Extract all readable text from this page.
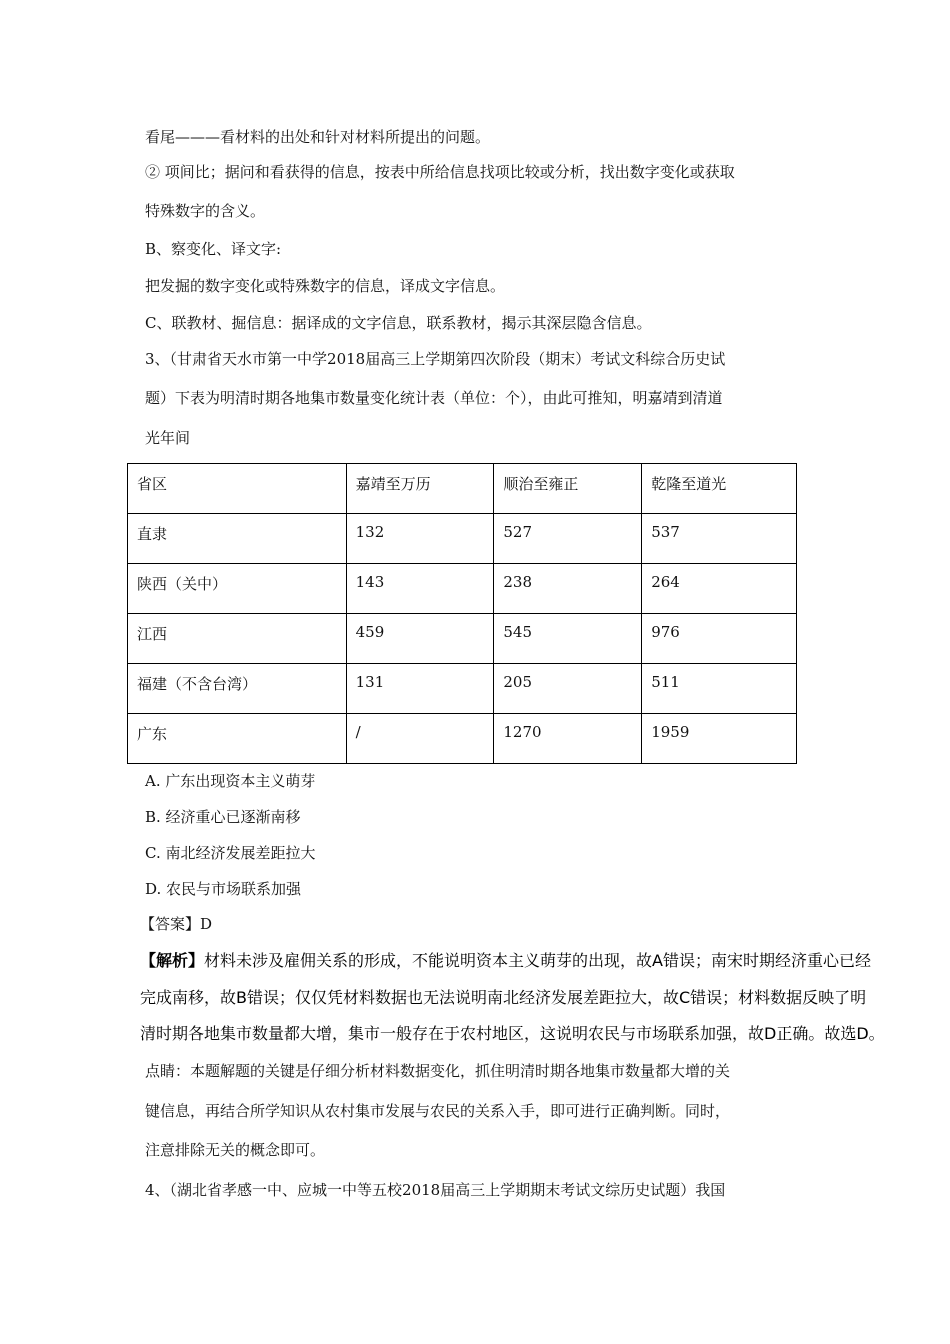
看尾———看材料的出处和针对材料所提出的问题。
② 项间比；据问和看获得的信息，按表中所给信息找项比较或分析，找出数字变化或获取
特殊数字的含义。
B、察变化、译文字:
把发掘的数字变化或特殊数字的信息，译成文字信息。
C、联教材、掘信息：据译成的文字信息，联系教材，揭示其深层隐含信息。
3、（甘肃省天水市第一中学2018届高三上学期第四次阶段（期末）考试文科综合历史试
题）下表为明清时期各地集市数量变化统计表（单位：个），由此可推知，明嘉靖到清道
光年间
省区	嘉靖至万历	顺治至雍正	乾隆至道光
直隶	132	527	537
陕西（关中）	143	238	264
江西	459	545	976
福建（不含台湾）	131	205	511
广东	/	1270	1959
A. 广东出现资本主义萌芽
B. 经济重心已逐渐南移
C. 南北经济发展差距拉大
D. 农民与市场联系加强
【答案】D
【解析】材料未涉及雇佣关系的形成，不能说明资本主义萌芽的出现，故A错误；南宋时期经济重心已经
完成南移，故B错误；仅仅凭材料数据也无法说明南北经济发展差距拉大，故C错误；材料数据反映了明
清时期各地集市数量都大增，集市一般存在于农村地区，这说明农民与市场联系加强，故D正确。故选D。
点睛：本题解题的关键是仔细分析材料数据变化，抓住明清时期各地集市数量都大增的关
键信息，再结合所学知识从农村集市发展与农民的关系入手，即可进行正确判断。同时，
注意排除无关的概念即可。
4、（湖北省孝感一中、应城一中等五校2018届高三上学期期末考试文综历史试题）我国
